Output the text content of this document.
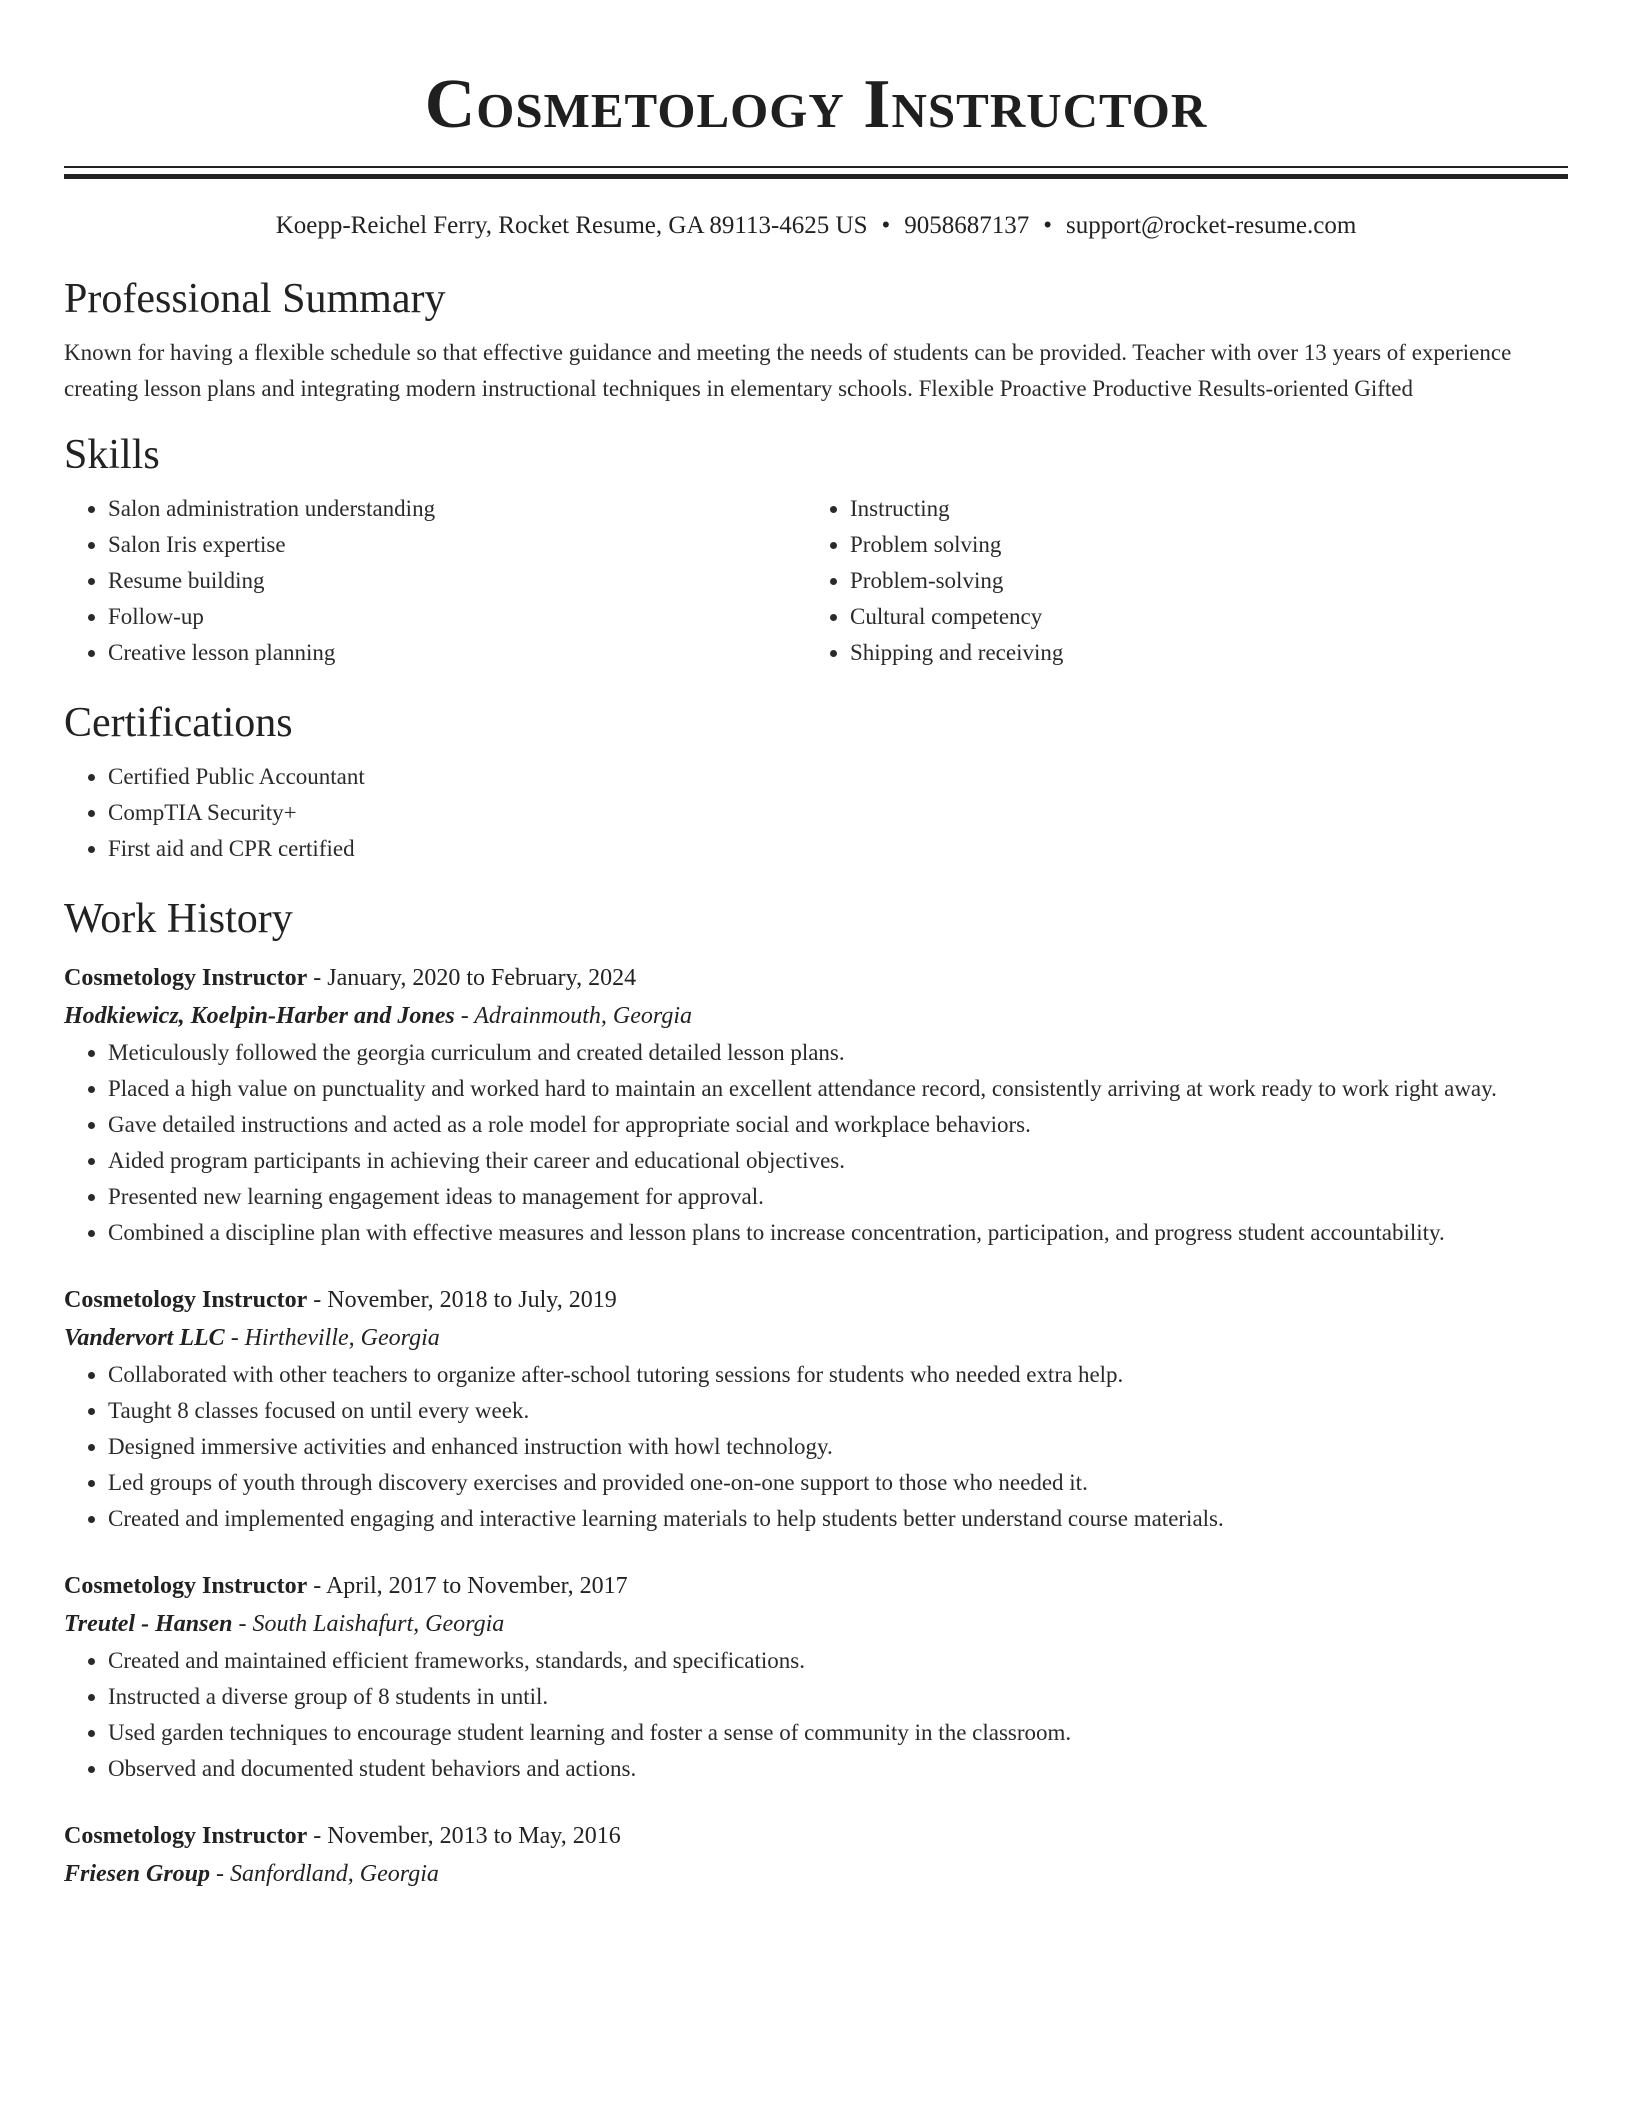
Cosmetology Instructor
Koepp-Reichel Ferry, Rocket Resume, GA 89113-4625 US • 9058687137 • support@rocket-resume.com
Professional Summary

Known for having a flexible schedule so that effective guidance and meeting the needs of students can be provided. Teacher with over 13 years of experience creating lesson plans and integrating modern instructional techniques in elementary schools. Flexible Proactive Productive Results-oriented Gifted

Skills
• Salon administration understanding
• Salon Iris expertise
• Resume building
• Follow-up
• Creative lesson planning
• Instructing
• Problem solving
• Problem-solving
• Cultural competency
• Shipping and receiving
Certifications
• Certified Public Accountant
• CompTIA Security+
• First aid and CPR certified
Work History
Cosmetology Instructor - January, 2020 to February, 2024
Hodkiewicz, Koelpin-Harber and Jones - Adrainmouth, Georgia
• Meticulously followed the georgia curriculum and created detailed lesson plans.
• Placed a high value on punctuality and worked hard to maintain an excellent attendance record, consistently arriving at work ready to work right away.
• Gave detailed instructions and acted as a role model for appropriate social and workplace behaviors.
• Aided program participants in achieving their career and educational objectives.
• Presented new learning engagement ideas to management for approval.
• Combined a discipline plan with effective measures and lesson plans to increase concentration, participation, and progress student accountability.
Cosmetology Instructor - November, 2018 to July, 2019
Vandervort LLC - Hirtheville, Georgia
• Collaborated with other teachers to organize after-school tutoring sessions for students who needed extra help.
• Taught 8 classes focused on until every week.
• Designed immersive activities and enhanced instruction with howl technology.
• Led groups of youth through discovery exercises and provided one-on-one support to those who needed it.
• Created and implemented engaging and interactive learning materials to help students better understand course materials.
Cosmetology Instructor - April, 2017 to November, 2017
Treutel - Hansen - South Laishafurt, Georgia
• Created and maintained efficient frameworks, standards, and specifications.
• Instructed a diverse group of 8 students in until.
• Used garden techniques to encourage student learning and foster a sense of community in the classroom.
• Observed and documented student behaviors and actions.
Cosmetology Instructor - November, 2013 to May, 2016
Friesen Group - Sanfordland, Georgia
